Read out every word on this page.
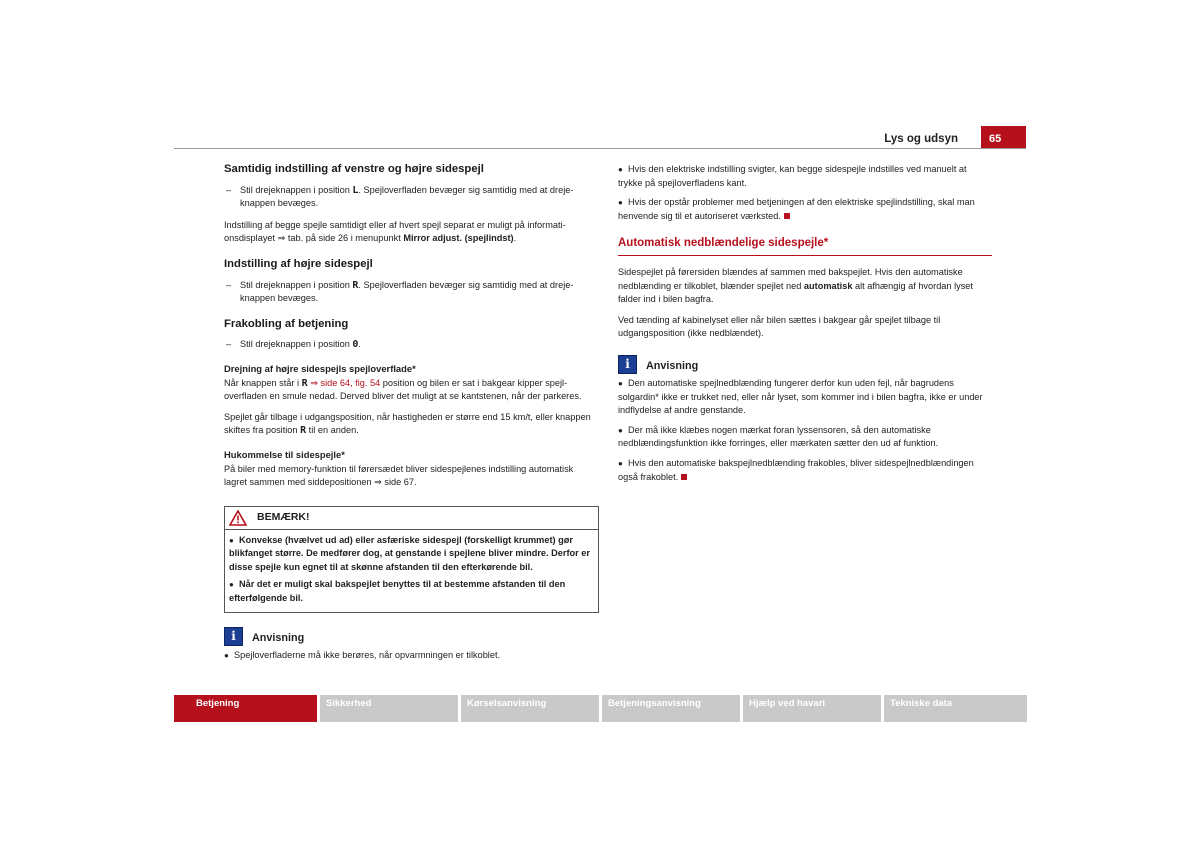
Lys og udsyn	65
Samtidig indstilling af venstre og højre sidespejl
– Stil drejeknappen i position L. Spejloverfladen bevæger sig samtidig med at drejeknappen bevæges.

Indstilling af begge spejle samtidigt eller af hvert spejl separat er muligt på informationsdisplayet ⇒ tab. på side 26 i menupunkt Mirror adjust. (spejlindst).

Indstilling af højre sidespejl
– Stil drejeknappen i position R. Spejloverfladen bevæger sig samtidig med at drejeknappen bevæges.
Frakobling af betjening
– Stil drejeknappen i position 0.
Drejning af højre sidespejls spejloverflade*

Når knappen står i R ⇒ side 64, fig. 54 position og bilen er sat i bakgear kipper spejloverfladen en smule nedad. Derved bliver det muligt at se kantstenen, når der parkeres.

Spejlet går tilbage i udgangsposition, når hastigheden er større end 15 km/t, eller knappen skiftes fra position R til en anden.

Hukommelse til sidespejle*

På biler med memory-funktion til førersædet bliver sidespejlenes indstilling automatisk lagret sammen med siddepositionen ⇒ side 67.

BEMÆRK!
● Konvekse (hvælvet ud ad) eller asfæriske sidespejl (forskelligt krummet) gør blikfanget større. De medfører dog, at genstande i spejlene bliver mindre. Derfor er disse spejle kun egnet til at skønne afstanden til den efterkørende bil.
● Når det er muligt skal bakspejlet benyttes til at bestemme afstanden til den efterfølgende bil.
i	Anvisning
● Spejloverfladerne må ikke berøres, når opvarmningen er tilkoblet.
● Hvis den elektriske indstilling svigter, kan begge sidespejle indstilles ved manuelt at trykke på spejloverfladens kant.
● Hvis der opstår problemer med betjeningen af den elektriske spejlindstilling, skal man henvende sig til et autoriseret værksted.
Automatisk nedblændelige sidespejle*

Sidespejlet på førersiden blændes af sammen med bakspejlet. Hvis den automatiske nedblænding er tilkoblet, blænder spejlet ned automatisk alt afhængig af hvordan lyset falder ind i bilen bagfra.

Ved tænding af kabinelyset eller når bilen sættes i bakgear går spejlet tilbage til udgangsposition (ikke nedblændet).

i	Anvisning
● Den automatiske spejlnedblænding fungerer derfor kun uden fejl, når bagrudens solgardin* ikke er trukket ned, eller når lyset, som kommer ind i bilen bagfra, ikke er under indflydelse af andre genstande.
● Der må ikke klæbes nogen mærkat foran lyssensoren, så den automatiske nedblændingsfunktion ikke forringes, eller mærkaten sætter den ud af funktion.
● Hvis den automatiske bakspejlnedblænding frakobles, bliver sidespejlnedblændingen også frakoblet.
Betjening	Sikkerhed	Kørselsanvisning	Betjeningsanvisning	Hjælp ved havari	Tekniske data
